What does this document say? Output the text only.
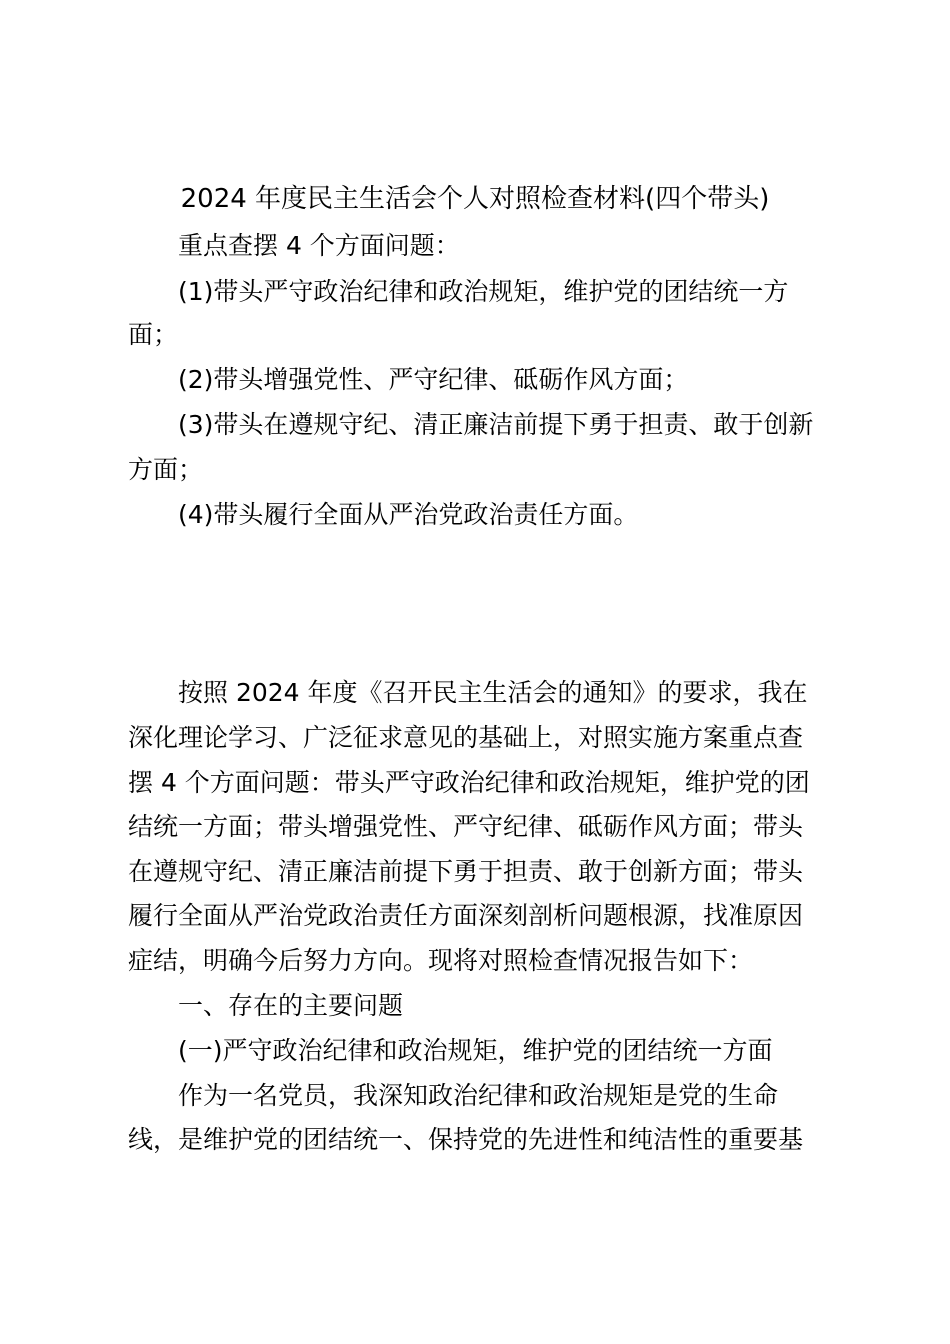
2024 年度民主生活会个人对照检查材料(四个带头)
重点查摆 4 个方面问题：
(1)带头严守政治纪律和政治规矩，维护党的团结统一方
面；
(2)带头增强党性、严守纪律、砥砺作风方面；
(3)带头在遵规守纪、清正廉洁前提下勇于担责、敢于创新
方面；
(4)带头履行全面从严治党政治责任方面。
按照 2024 年度《召开民主生活会的通知》的要求，我在
深化理论学习、广泛征求意见的基础上，对照实施方案重点查
摆 4 个方面问题：带头严守政治纪律和政治规矩，维护党的团
结统一方面；带头增强党性、严守纪律、砥砺作风方面；带头
在遵规守纪、清正廉洁前提下勇于担责、敢于创新方面；带头
履行全面从严治党政治责任方面深刻剖析问题根源，找准原因
症结，明确今后努力方向。现将对照检查情况报告如下：
一、存在的主要问题
(一)严守政治纪律和政治规矩，维护党的团结统一方面
作为一名党员，我深知政治纪律和政治规矩是党的生命
线，是维护党的团结统一、保持党的先进性和纯洁性的重要基
